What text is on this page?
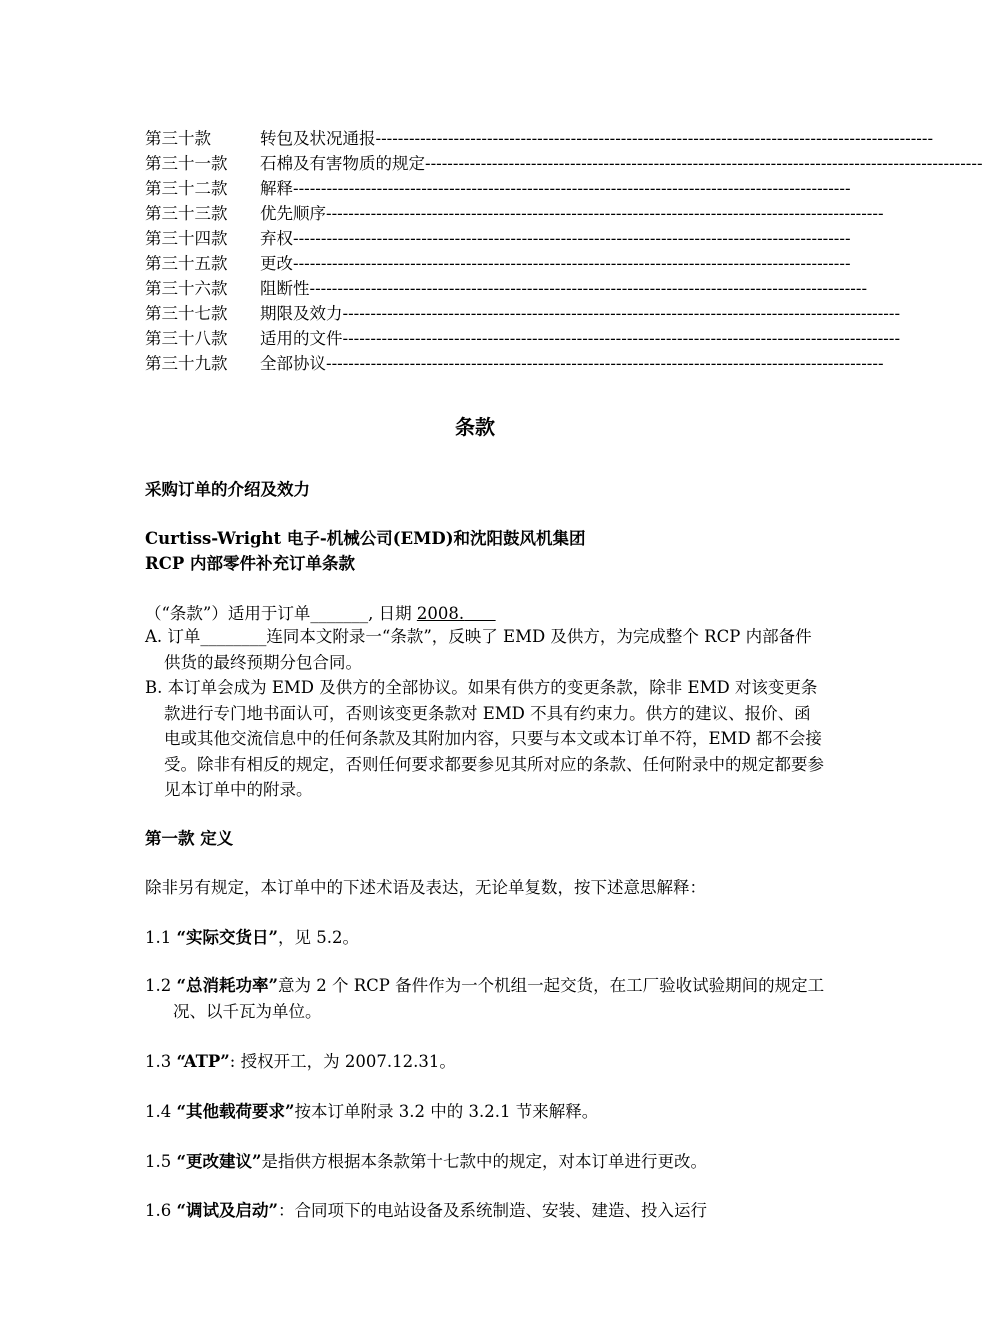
第三十款	转包及状况通报 ----------------------------------------------------------------------------------------------------
第三十一款	石棉及有害物质的规定 ----------------------------------------------------------------------------------------------------
第三十二款	解释 ----------------------------------------------------------------------------------------------------
第三十三款	优先顺序 ----------------------------------------------------------------------------------------------------
第三十四款	弃权 ----------------------------------------------------------------------------------------------------
第三十五款	更改 ----------------------------------------------------------------------------------------------------
第三十六款	阻断性 ----------------------------------------------------------------------------------------------------
第三十七款	期限及效力 ----------------------------------------------------------------------------------------------------
第三十八款	适用的文件 ----------------------------------------------------------------------------------------------------
第三十九款	全部协议 ----------------------------------------------------------------------------------------------------
条款
采购订单的介绍及效力
Curtiss-Wright 电子-机械公司(EMD)和沈阳鼓风机集团
RCP 内部零件补充订单条款
（“条款”）适用于订单_______, 日期 2008.
A. 订单________连同本文附录一“条款”，反映了 EMD 及供方，为完成整个 RCP 内部备件供货的最终预期分包合同。
B. 本订单会成为 EMD 及供方的全部协议。如果有供方的变更条款，除非 EMD 对该变更条款进行专门地书面认可，否则该变更条款对 EMD 不具有约束力。供方的建议、报价、函电或其他交流信息中的任何条款及其附加内容，只要与本文或本订单不符，EMD 都不会接受。除非有相反的规定，否则任何要求都要参见其所对应的条款、任何附录中的规定都要参见本订单中的附录。
第一款 定义
除非另有规定，本订单中的下述术语及表达，无论单复数，按下述意思解释：
1.1 “实际交货日”，见 5.2。
1.2 “总消耗功率”意为 2 个 RCP 备件作为一个机组一起交货，在工厂验收试验期间的规定工况、以千瓦为单位。
1.3 “ATP”: 授权开工，为 2007.12.31。
1.4 “其他载荷要求”按本订单附录 3.2 中的 3.2.1 节来解释。
1.5 “更改建议”是指供方根据本条款第十七款中的规定，对本订单进行更改。
1.6 “调试及启动”：合同项下的电站设备及系统制造、安装、建造、投入运行
